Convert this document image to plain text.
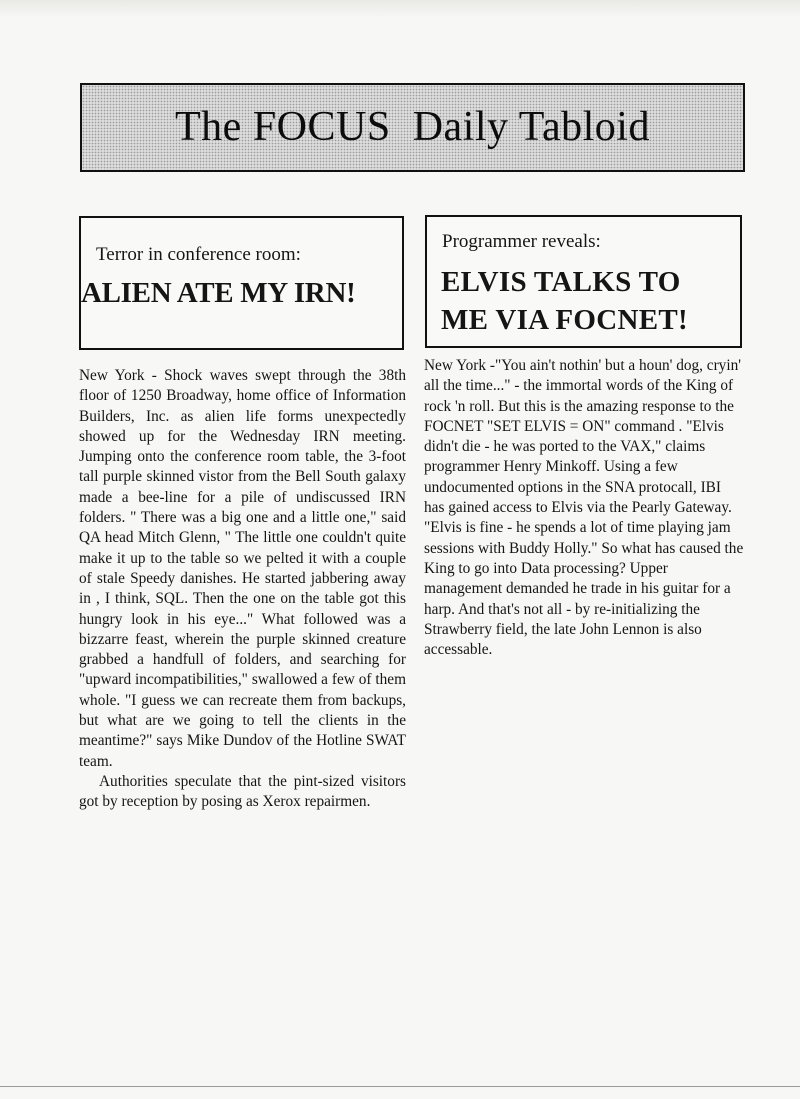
The FOCUS  Daily Tabloid
Terror in conference room:
ALIEN ATE MY IRN!
Programmer reveals:
ELVIS TALKS TO
ME VIA FOCNET!

New York - Shock waves swept through the 38th floor of 1250 Broadway, home office of Information Builders, Inc. as alien life forms unexpectedly showed up for the Wednesday IRN meeting. Jumping onto the conference room table, the 3-foot tall purple skinned vistor from the Bell South galaxy made a bee-line for a pile of undiscussed IRN folders. " There was a big one and a little one," said QA head Mitch Glenn, " The little one couldn't quite make it up to the table so we pelted it with a couple of stale Speedy danishes. He started jabbering away in , I think, SQL. Then the one on the table got this hungry look in his eye..." What followed was a bizzarre feast, wherein the purple skinned creature grabbed a handfull of folders, and searching for "upward incompatibilities," swallowed a few of them whole. "I guess we can recreate them from backups, but what are we going to tell the clients in the meantime?" says Mike Dundov of the Hotline SWAT team.

Authorities speculate that the pint-sized visitors got by reception by posing as Xerox repairmen.

New York -"You ain't nothin' but a houn' dog, cryin' all the time..." - the immortal words of the King of rock 'n roll. But this is the amazing response to the FOCNET "SET ELVIS = ON" command . "Elvis didn't die - he was ported to the VAX," claims programmer Henry Minkoff. Using a few undocumented options in the SNA protocall, IBI has gained access to Elvis via the Pearly Gateway. "Elvis is fine - he spends a lot of time playing jam sessions with Buddy Holly." So what has caused the King to go into Data processing? Upper management demanded he trade in his guitar for a harp. And that's not all - by re-initializing the Strawberry field, the late John Lennon is also accessable.
